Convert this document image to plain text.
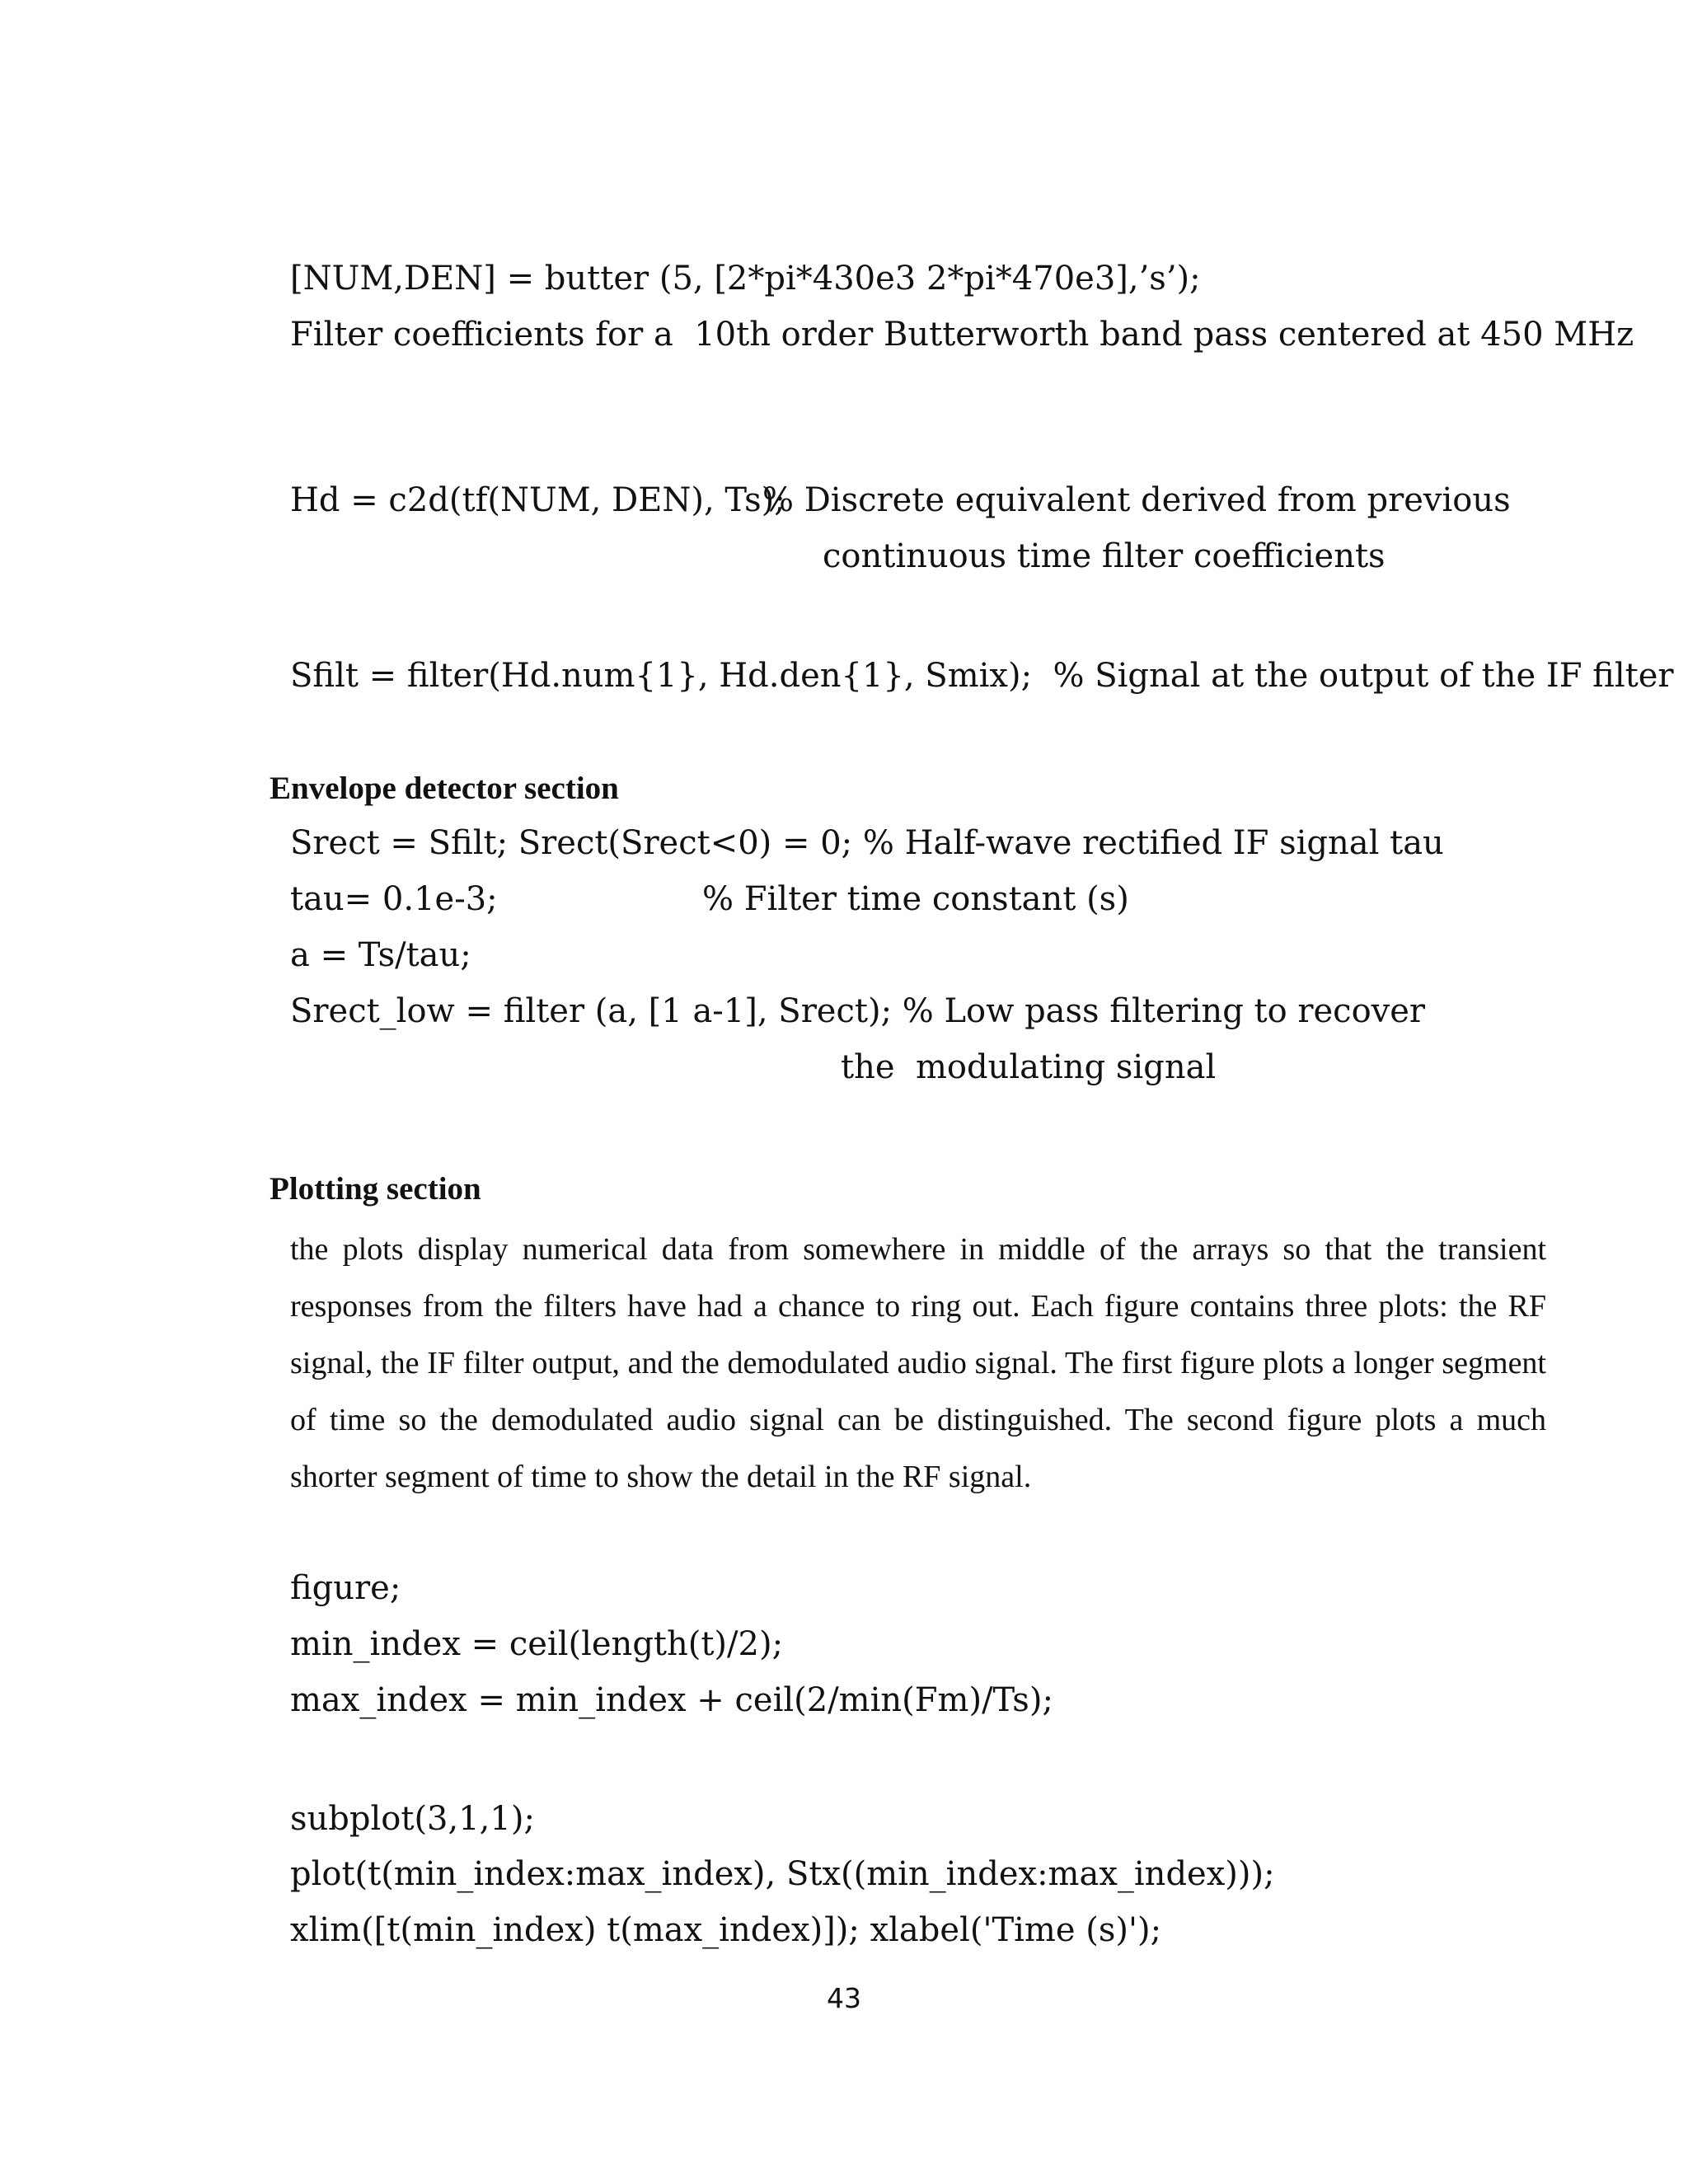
[NUM,DEN] = butter (5, [2*pi*430e3 2*pi*470e3],’s’);
Filter coefficients for a  10th order Butterworth band pass centered at 450 MHz
Hd = c2d(tf(NUM, DEN), Ts);
% Discrete equivalent derived from previous
continuous time filter coefficients
Sfilt = filter(Hd.num{1}, Hd.den{1}, Smix);  % Signal at the output of the IF filter
Envelope detector section
Srect = Sfilt; Srect(Srect<0) = 0; % Half-wave rectified IF signal tau
tau= 0.1e-3;	% Filter time constant (s)
a = Ts/tau;
Srect_low = filter (a, [1 a-1], Srect); % Low pass filtering to recover
the  modulating signal
Plotting section
the plots display numerical data from somewhere in middle of the arrays so that the transient responses from the filters have had a chance to ring out. Each figure contains three plots: the RF signal, the IF filter output, and the demodulated audio signal. The first figure plots a longer segment of time so the demodulated audio signal can be distinguished. The second figure plots a much shorter segment of time to show the detail in the RF signal.
figure;
min_index = ceil(length(t)/2);
max_index = min_index + ceil(2/min(Fm)/Ts);
subplot(3,1,1);
plot(t(min_index:max_index), Stx((min_index:max_index)));
xlim([t(min_index) t(max_index)]); xlabel('Time (s)');
43
